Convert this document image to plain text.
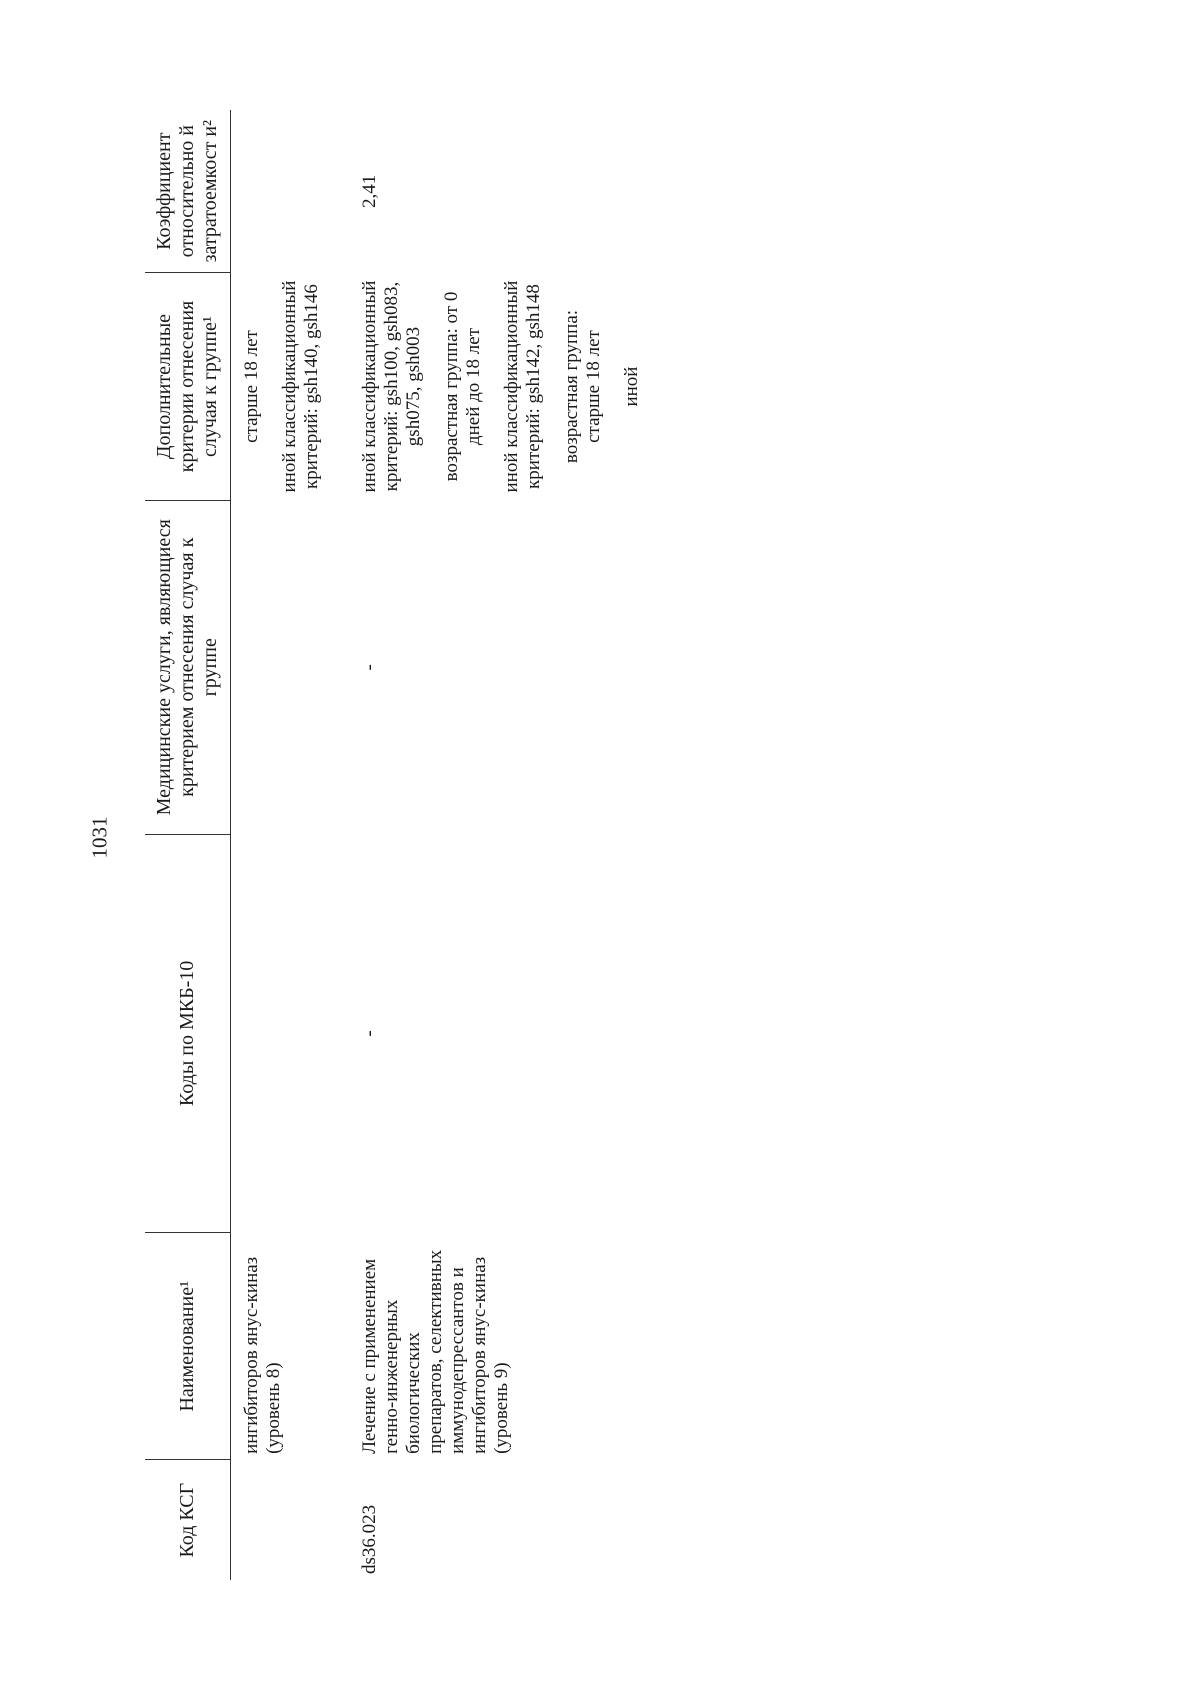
1031
Код КСГ	Наименование¹	Коды по МКБ-10	Медицинские услуги, являющиеся критерием отнесения случая к группе	Дополнительные критерии отнесения случая к группе¹	Коэффициент относительно й затратоемкост и²
	ингибиторов янус-киназ (уровень 8)			старше 18 лет иной классификационный критерий: gsh140, gsh146	

ds36.023	Лечение с применением генно-инженерных биологических препаратов, селективных иммунодепрессантов и ингибиторов янус-киназ (уровень 9)	-	-	иной классификационный критерий: gsh100, gsh083, gsh075, gsh003 возрастная группа: от 0 дней до 18 лет иной классификационный критерий: gsh142, gsh148 возрастная группа: старше 18 лет иной	2,41
